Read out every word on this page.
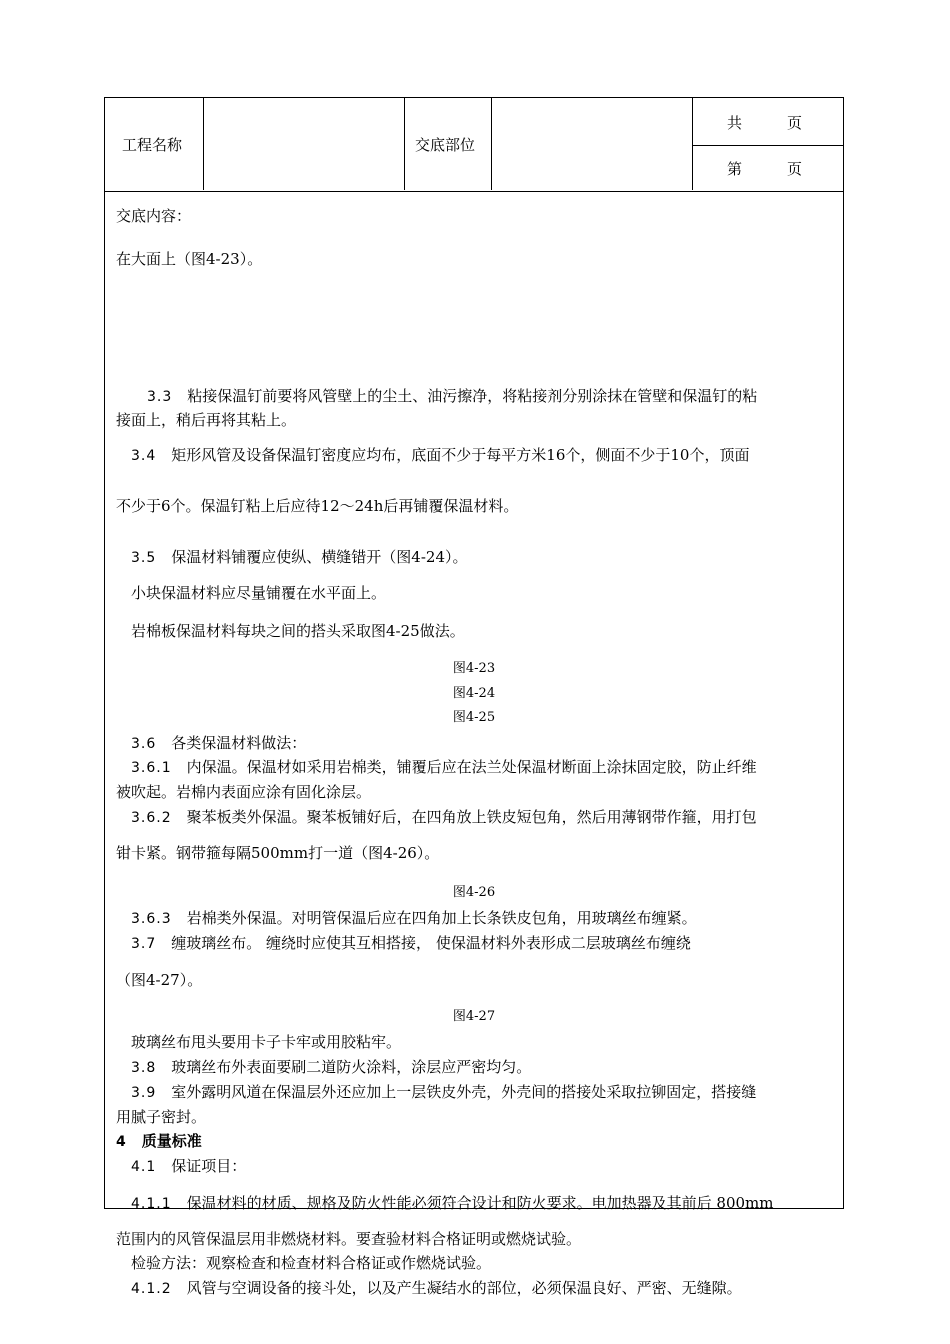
工程名称	交底部位
共　　　页
第　　　页
交底内容：
在大面上（图4-23）。
3.3　 粘接保温钉前要将风管壁上的尘土、油污擦净，将粘接剂分别涂抹在管壁和保温钉的粘
接面上，稍后再将其粘上。
3.4　 矩形风管及设备保温钉密度应均布，底面不少于每平方米16个，侧面不少于10个，顶面
不少于6个。保温钉粘上后应待12～24h后再铺覆保温材料。
3.5　 保温材料铺覆应使纵、横缝错开（图4-24）。
小块保温材料应尽量铺覆在水平面上。
岩棉板保温材料每块之间的搭头采取图4-25做法。
图4-23
图4-24
图4-25
3.6　 各类保温材料做法：
3.6.1　 内保温。保温材如采用岩棉类，铺覆后应在法兰处保温材断面上涂抹固定胶，防止纤维
被吹起。岩棉内表面应涂有固化涂层。
3.6.2　 聚苯板类外保温。聚苯板铺好后，在四角放上铁皮短包角，然后用薄钢带作箍，用打包
钳卡紧。钢带箍每隔500mm打一道（图4-26）。
图4-26
3.6.3　 岩棉类外保温。对明管保温后应在四角加上长条铁皮包角，用玻璃丝布缠紧。
3.7　 缠玻璃丝布。 缠绕时应使其互相搭接， 使保温材料外表形成二层玻璃丝布缠绕
（图4-27）。
图4-27
玻璃丝布甩头要用卡子卡牢或用胶粘牢。
3.8　 玻璃丝布外表面要刷二道防火涂料，涂层应严密均匀。
3.9　 室外露明风道在保温层外还应加上一层铁皮外壳，外壳间的搭接处采取拉铆固定，搭接缝
用腻子密封。
4　 质量标准
4.1　 保证项目：
4.1.1　 保温材料的材质、规格及防火性能必须符合设计和防火要求。电加热器及其前后 800mm
范围内的风管保温层用非燃烧材料。要查验材料合格证明或燃烧试验。
检验方法：观察检查和检查材料合格证或作燃烧试验。
4.1.2　 风管与空调设备的接斗处，以及产生凝结水的部位，必须保温良好、严密、无缝隙。
